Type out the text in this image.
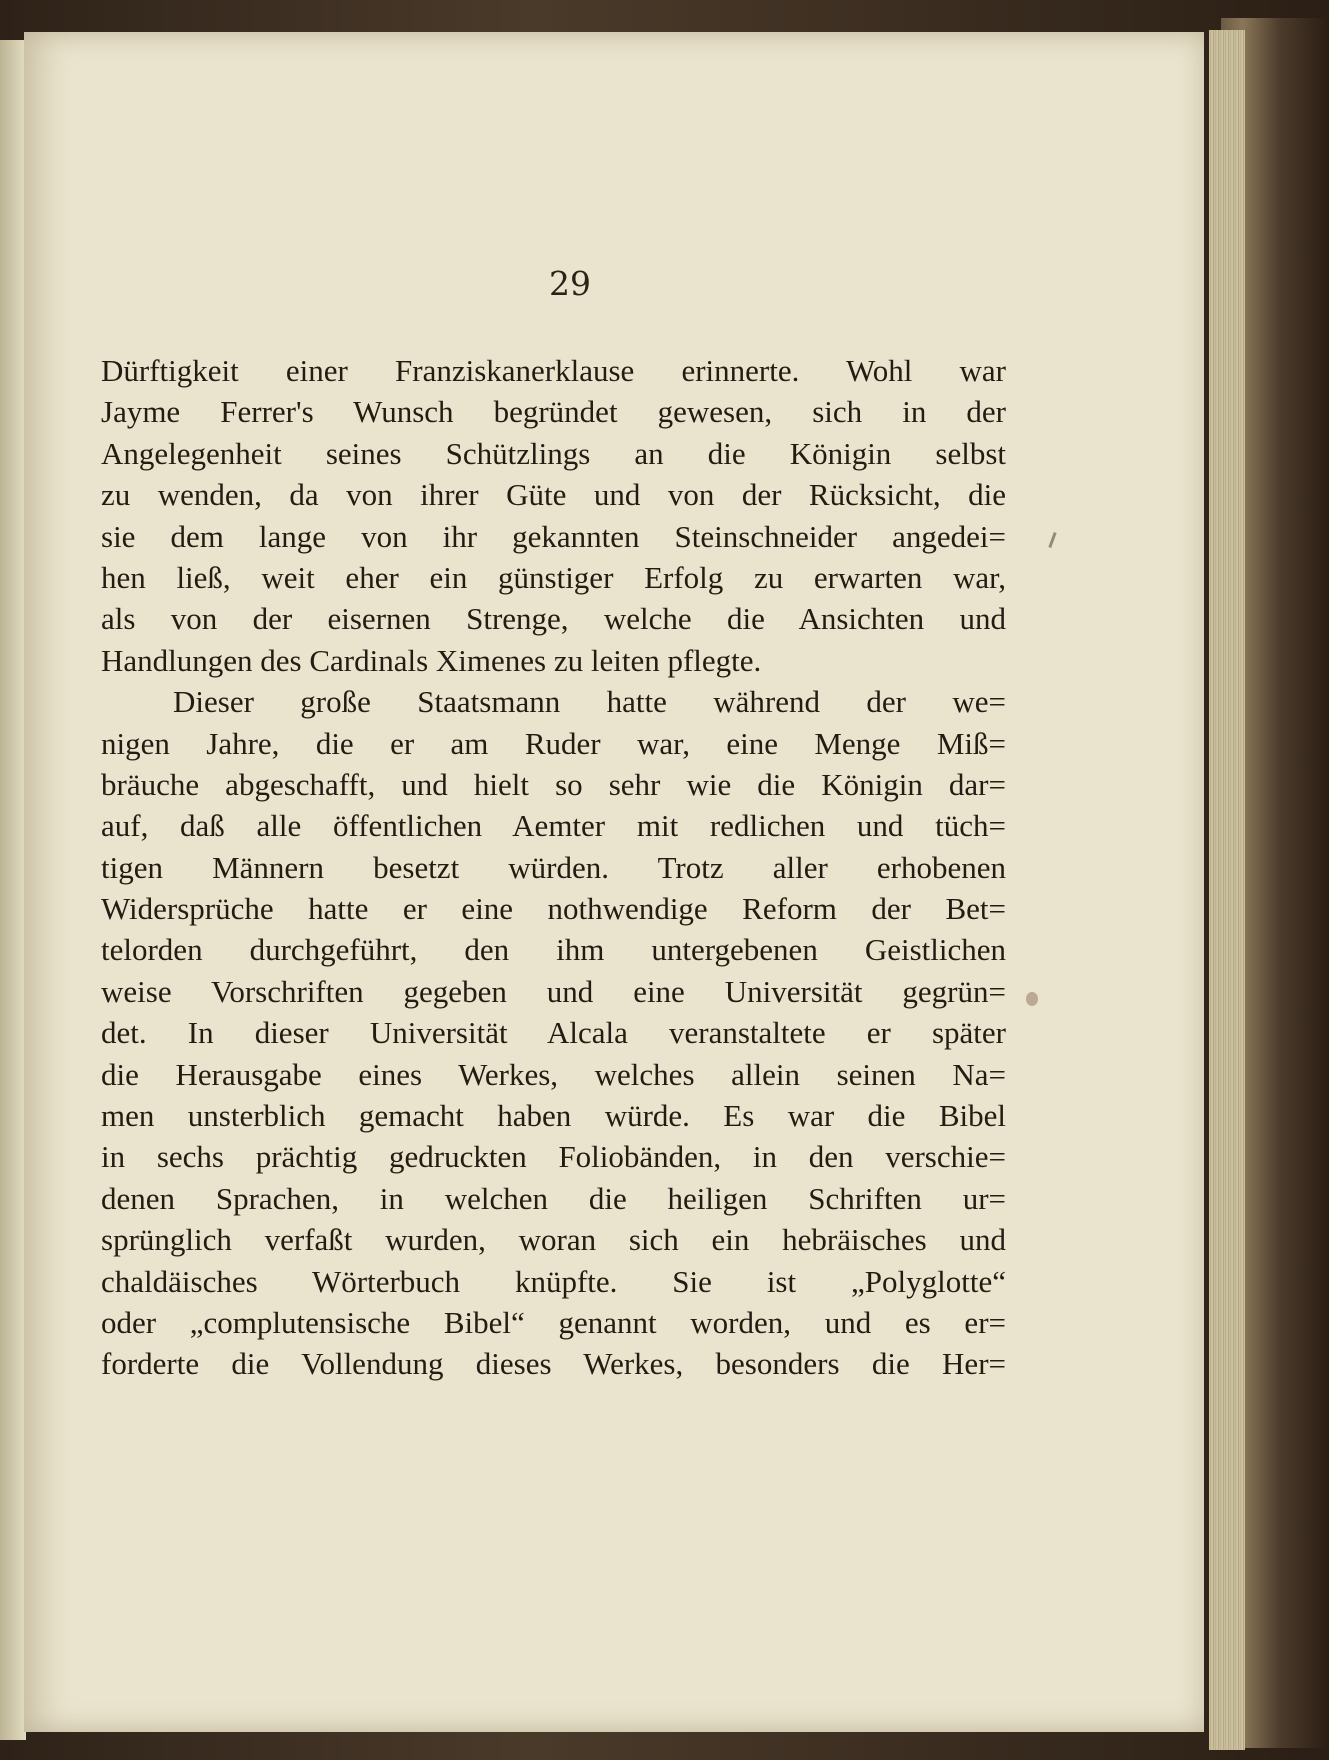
29
Dürftigkeit einer Franziskanerklause erinnerte. Wohl war
Jayme Ferrer's Wunsch begründet gewesen, sich in der
Angelegenheit seines Schützlings an die Königin selbst
zu wenden, da von ihrer Güte und von der Rücksicht, die
sie dem lange von ihr gekannten Steinschneider angedei=
hen ließ, weit eher ein günstiger Erfolg zu erwarten war,
als von der eisernen Strenge, welche die Ansichten und
Handlungen des Cardinals Ximenes zu leiten pflegte.
Dieser große Staatsmann hatte während der we=
nigen Jahre, die er am Ruder war, eine Menge Miß=
bräuche abgeschafft, und hielt so sehr wie die Königin dar=
auf, daß alle öffentlichen Aemter mit redlichen und tüch=
tigen Männern besetzt würden. Trotz aller erhobenen
Widersprüche hatte er eine nothwendige Reform der Bet=
telorden durchgeführt, den ihm untergebenen Geistlichen
weise Vorschriften gegeben und eine Universität gegrün=
det. In dieser Universität Alcala veranstaltete er später
die Herausgabe eines Werkes, welches allein seinen Na=
men unsterblich gemacht haben würde. Es war die Bibel
in sechs prächtig gedruckten Foliobänden, in den verschie=
denen Sprachen, in welchen die heiligen Schriften ur=
sprünglich verfaßt wurden, woran sich ein hebräisches und
chaldäisches Wörterbuch knüpfte. Sie ist „Polyglotte“
oder „complutensische Bibel“ genannt worden, und es er=
forderte die Vollendung dieses Werkes, besonders die Her=
